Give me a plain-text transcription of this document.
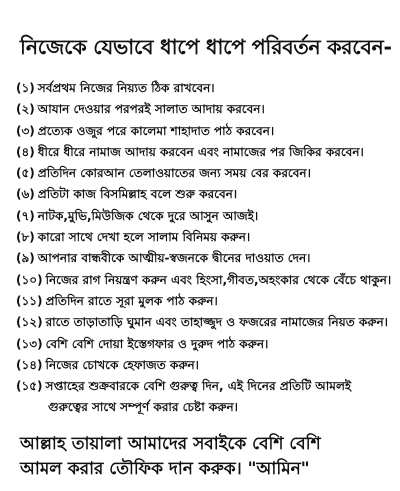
নিজেকে যেভাবে ধাপে ধাপে পরিবর্তন করবেন-
(১) সর্বপ্রথম নিজের নিয়্যত ঠিক রাখবেন।
(২) আযান দেওয়ার পরপরই সালাত আদায় করবেন।
(৩) প্রত্যেক ওজুর পরে কালেমা শাহাদাত পাঠ করবেন।
(৪) ধীরে ধীরে নামাজ আদায় করবেন এবং নামাজের পর জিকির করবেন।
(৫) প্রতিদিন কোরআন তেলাওয়াতের জন্য সময় বের করবেন।
(৬) প্রতিটা কাজ বিসমিল্লাহ বলে শুরু করবেন।
(৭) নাটক,মুভি,মিউজিক থেকে দুরে আসুন আজই।
(৮) কারো সাথে দেখা হলে সালাম বিনিময় করুন।
(৯) আপনার বান্ধবীকে আত্মীয়-স্বজনকে দ্বীনের দাওয়াত দেন।
(১০) নিজের রাগ নিয়ন্ত্রণ করুন এবং হিংসা,গীবত,অহংকার থেকে বেঁচে থাকুন।
(১১) প্রতিদিন রাতে সূরা মুলক পাঠ করুন।
(১২) রাতে তাড়াতাড়ি ঘুমান এবং তাহাজ্জুদ ও ফজরের নামাজের নিয়ত করুন।
(১৩) বেশি বেশি দোয়া ইস্তেগফার ও দুরুদ পাঠ করুন।
(১৪) নিজের চোখকে হেফাজত করুন।
(১৫) সপ্তাহের শুক্রবারকে বেশি গুরুত্ব দিন, এই দিনের প্রতিটি আমলই
গুরুত্বের সাথে সম্পূর্ণ করার চেষ্টা করুন।
আল্লাহ তায়ালা আমাদের সবাইকে বেশি বেশি
আমল করার তৌফিক দান করুক। "আমিন"
